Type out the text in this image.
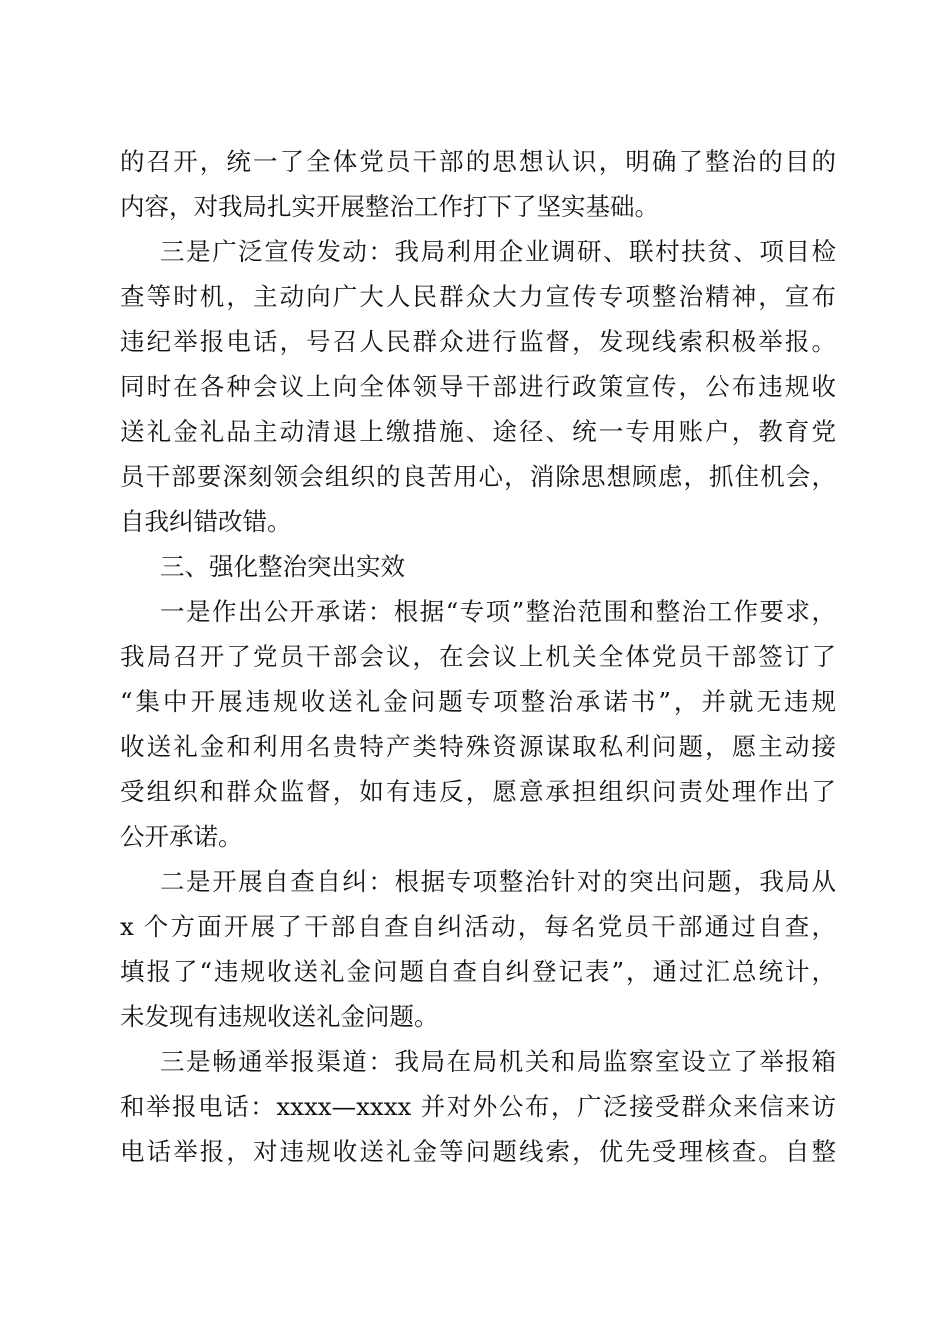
的召开，统一了全体党员干部的思想认识，明确了整治的目的
内容，对我局扎实开展整治工作打下了坚实基础。
三是广泛宣传发动：我局利用企业调研、联村扶贫、项目检
查等时机，主动向广大人民群众大力宣传专项整治精神，宣布
违纪举报电话，号召人民群众进行监督，发现线索积极举报。
同时在各种会议上向全体领导干部进行政策宣传，公布违规收
送礼金礼品主动清退上缴措施、途径、统一专用账户，教育党
员干部要深刻领会组织的良苦用心，消除思想顾虑，抓住机会，
自我纠错改错。
三、强化整治突出实效
一是作出公开承诺：根据“专项”整治范围和整治工作要求，
我局召开了党员干部会议，在会议上机关全体党员干部签订了
“集中开展违规收送礼金问题专项整治承诺书”，并就无违规
收送礼金和利用名贵特产类特殊资源谋取私利问题，愿主动接
受组织和群众监督，如有违反，愿意承担组织问责处理作出了
公开承诺。
二是开展自查自纠：根据专项整治针对的突出问题，我局从
x 个方面开展了干部自查自纠活动，每名党员干部通过自查，
填报了“违规收送礼金问题自查自纠登记表”，通过汇总统计，
未发现有违规收送礼金问题。
三是畅通举报渠道：我局在局机关和局监察室设立了举报箱
和举报电话：xxxx—xxxx 并对外公布，广泛接受群众来信来访
电话举报，对违规收送礼金等问题线索，优先受理核查。自整
